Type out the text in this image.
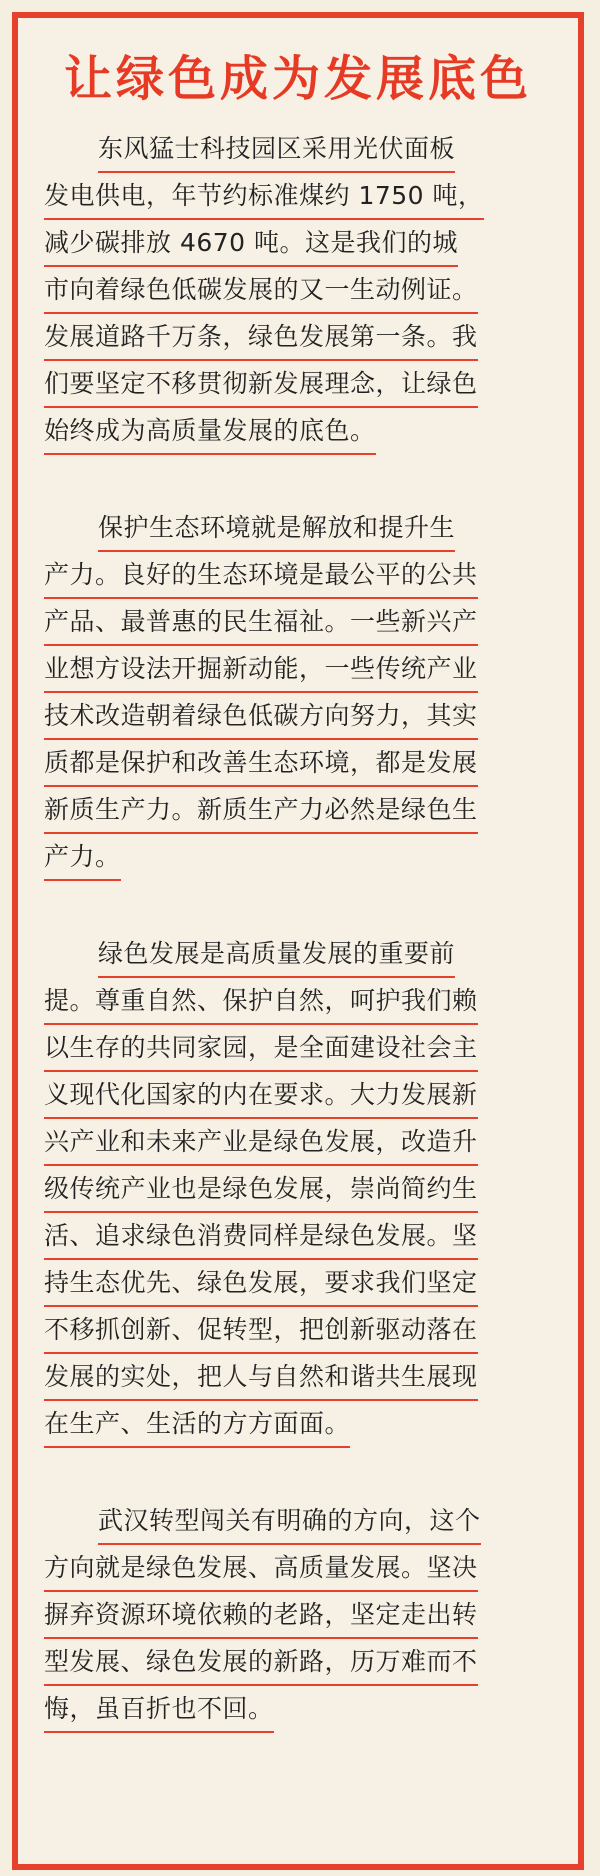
让绿色成为发展底色
东风猛士科技园区采用光伏面板
发电供电，年节约标准煤约 1750 吨，
减少碳排放 4670 吨。这是我们的城
市向着绿色低碳发展的又一生动例证。
发展道路千万条，绿色发展第一条。我
们要坚定不移贯彻新发展理念，让绿色
始终成为高质量发展的底色。
保护生态环境就是解放和提升生
产力。良好的生态环境是最公平的公共
产品、最普惠的民生福祉。一些新兴产
业想方设法开掘新动能，一些传统产业
技术改造朝着绿色低碳方向努力，其实
质都是保护和改善生态环境，都是发展
新质生产力。新质生产力必然是绿色生
产力。
绿色发展是高质量发展的重要前
提。尊重自然、保护自然，呵护我们赖
以生存的共同家园，是全面建设社会主
义现代化国家的内在要求。大力发展新
兴产业和未来产业是绿色发展，改造升
级传统产业也是绿色发展，崇尚简约生
活、追求绿色消费同样是绿色发展。坚
持生态优先、绿色发展，要求我们坚定
不移抓创新、促转型，把创新驱动落在
发展的实处，把人与自然和谐共生展现
在生产、生活的方方面面。
武汉转型闯关有明确的方向，这个
方向就是绿色发展、高质量发展。坚决
摒弃资源环境依赖的老路，坚定走出转
型发展、绿色发展的新路，历万难而不
悔，虽百折也不回。
